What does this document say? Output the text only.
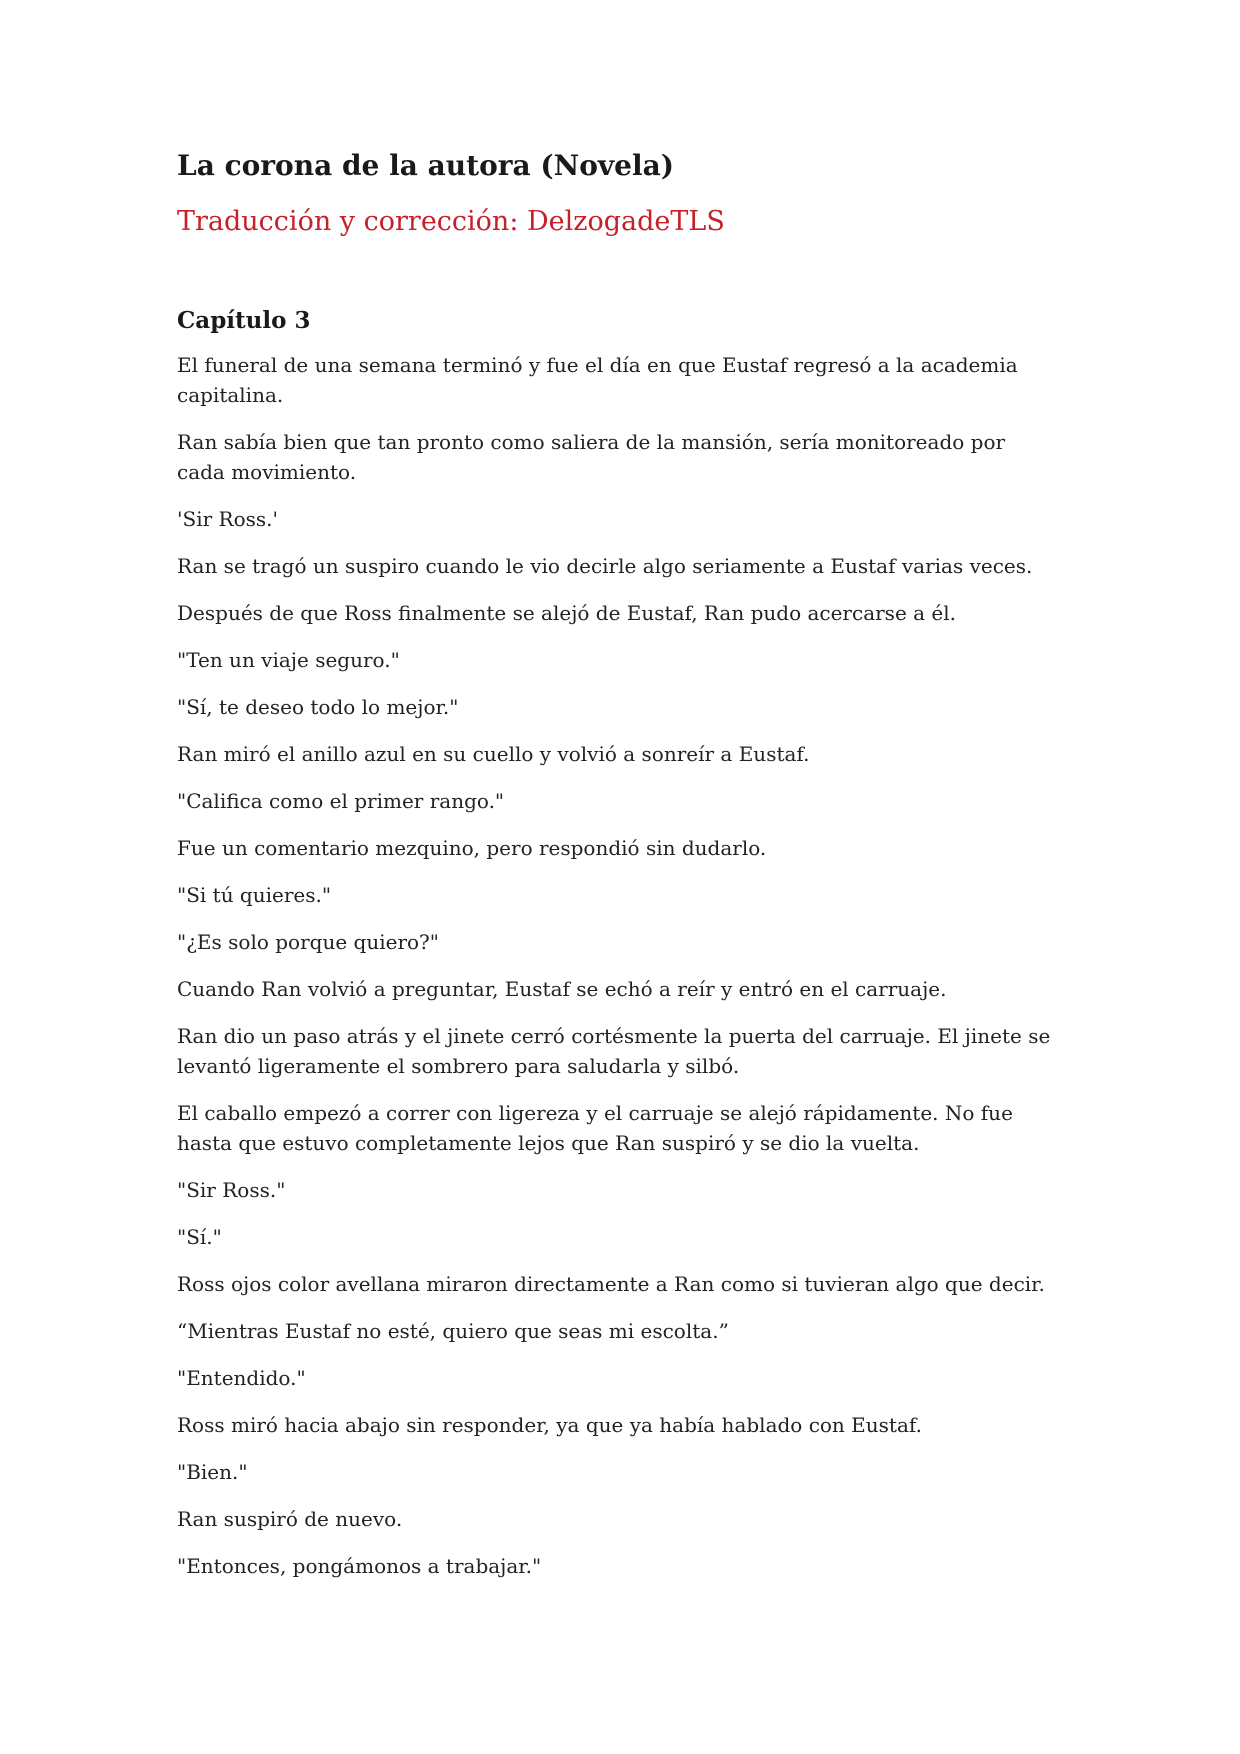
La corona de la autora (Novela)
Traducción y corrección: DelzogadeTLS
Capítulo 3

El funeral de una semana terminó y fue el día en que Eustaf regresó a la academia capitalina.

Ran sabía bien que tan pronto como saliera de la mansión, sería monitoreado por cada movimiento.

'Sir Ross.'

Ran se tragó un suspiro cuando le vio decirle algo seriamente a Eustaf varias veces.

Después de que Ross finalmente se alejó de Eustaf, Ran pudo acercarse a él.

"Ten un viaje seguro."

"Sí, te deseo todo lo mejor."

Ran miró el anillo azul en su cuello y volvió a sonreír a Eustaf.

"Califica como el primer rango."

Fue un comentario mezquino, pero respondió sin dudarlo.

"Si tú quieres."

"¿Es solo porque quiero?"

Cuando Ran volvió a preguntar, Eustaf se echó a reír y entró en el carruaje.

Ran dio un paso atrás y el jinete cerró cortésmente la puerta del carruaje. El jinete se levantó ligeramente el sombrero para saludarla y silbó.

El caballo empezó a correr con ligereza y el carruaje se alejó rápidamente. No fue hasta que estuvo completamente lejos que Ran suspiró y se dio la vuelta.

"Sir Ross."

"Sí."

Ross ojos color avellana miraron directamente a Ran como si tuvieran algo que decir.

“Mientras Eustaf no esté, quiero que seas mi escolta.”

"Entendido."

Ross miró hacia abajo sin responder, ya que ya había hablado con Eustaf.

"Bien."

Ran suspiró de nuevo.

"Entonces, pongámonos a trabajar."
